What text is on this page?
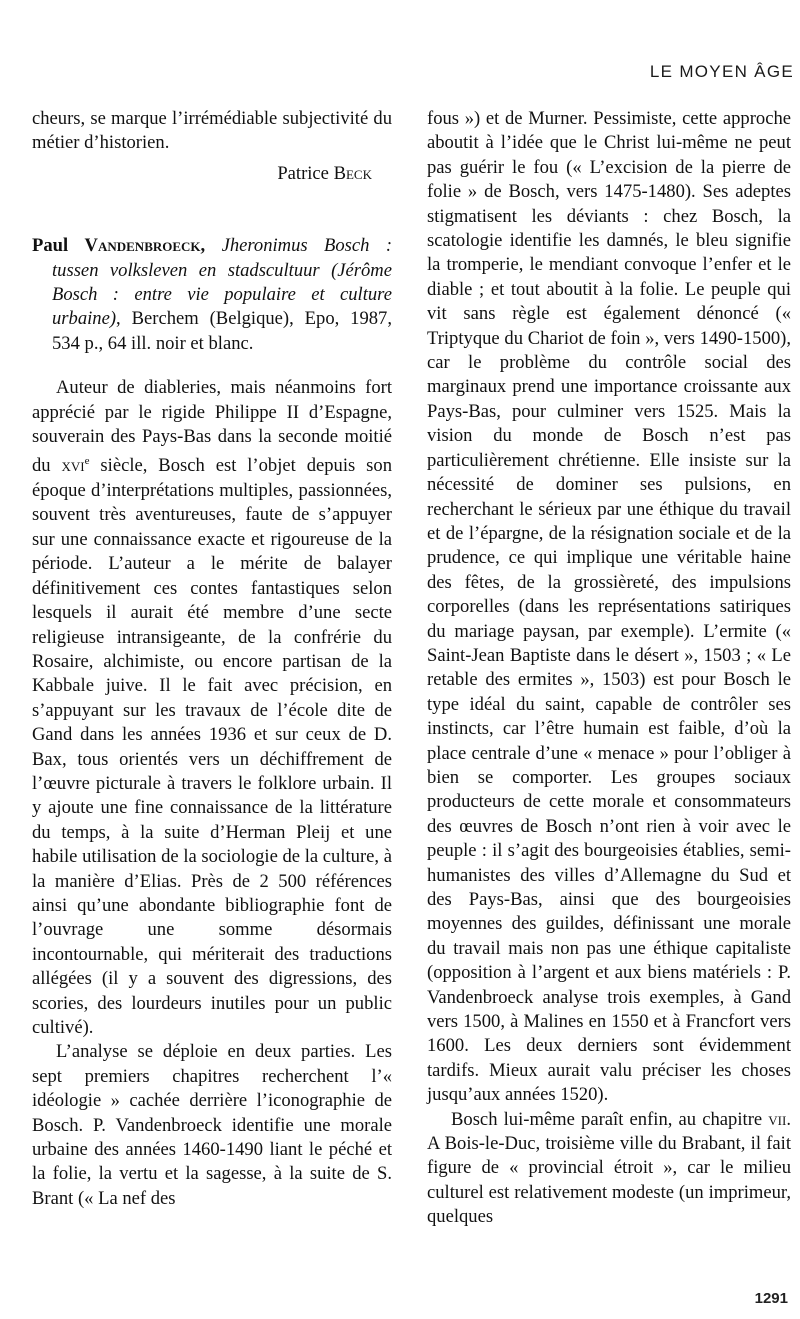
LE MOYEN ÂGE

cheurs, se marque l’irrémédiable subjectivité du métier d’historien.

Patrice Beck
Paul Vandenbroeck, Jheronimus Bosch : tussen volksleven en stadscultuur (Jérôme Bosch : entre vie populaire et culture urbaine), Berchem (Belgique), Epo, 1987, 534 p., 64 ill. noir et blanc.

Auteur de diableries, mais néanmoins fort apprécié par le rigide Philippe II d’Espagne, souverain des Pays-Bas dans la seconde moitié du xvi$^e$ siècle, Bosch est l’objet depuis son époque d’interprétations multiples, passionnées, souvent très aventureuses, faute de s’appuyer sur une connaissance exacte et rigoureuse de la période. L’auteur a le mérite de balayer définitivement ces contes fantastiques selon lesquels il aurait été membre d’une secte religieuse intransigeante, de la confrérie du Rosaire, alchimiste, ou encore partisan de la Kabbale juive. Il le fait avec précision, en s’appuyant sur les travaux de l’école dite de Gand dans les années 1936 et sur ceux de D. Bax, tous orientés vers un déchiffrement de l’œuvre picturale à travers le folklore urbain. Il y ajoute une fine connaissance de la littérature du temps, à la suite d’Herman Pleij et une habile utilisation de la sociologie de la culture, à la manière d’Elias. Près de 2 500 références ainsi qu’une abondante bibliographie font de l’ouvrage une somme désormais incontournable, qui mériterait des traductions allégées (il y a souvent des digressions, des scories, des lourdeurs inutiles pour un public cultivé).

L’analyse se déploie en deux parties. Les sept premiers chapitres recherchent l’« idéologie » cachée derrière l’iconographie de Bosch. P. Vandenbroeck identifie une morale urbaine des années 1460-1490 liant le péché et la folie, la vertu et la sagesse, à la suite de S. Brant (« La nef des

fous ») et de Murner. Pessimiste, cette approche aboutit à l’idée que le Christ lui-même ne peut pas guérir le fou (« L’excision de la pierre de folie » de Bosch, vers 1475-1480). Ses adeptes stigmatisent les déviants : chez Bosch, la scatologie identifie les damnés, le bleu signifie la tromperie, le mendiant convoque l’enfer et le diable ; et tout aboutit à la folie. Le peuple qui vit sans règle est également dénoncé (« Triptyque du Chariot de foin », vers 1490-1500), car le problème du contrôle social des marginaux prend une importance croissante aux Pays-Bas, pour culminer vers 1525. Mais la vision du monde de Bosch n’est pas particulièrement chrétienne. Elle insiste sur la nécessité de dominer ses pulsions, en recherchant le sérieux par une éthique du travail et de l’épargne, de la résignation sociale et de la prudence, ce qui implique une véritable haine des fêtes, de la grossièreté, des impulsions corporelles (dans les représentations satiriques du mariage paysan, par exemple). L’ermite (« Saint-Jean Baptiste dans le désert », 1503 ; « Le retable des ermites », 1503) est pour Bosch le type idéal du saint, capable de contrôler ses instincts, car l’être humain est faible, d’où la place centrale d’une « menace » pour l’obliger à bien se comporter. Les groupes sociaux producteurs de cette morale et consommateurs des œuvres de Bosch n’ont rien à voir avec le peuple : il s’agit des bourgeoisies établies, semi-humanistes des villes d’Allemagne du Sud et des Pays-Bas, ainsi que des bourgeoisies moyennes des guildes, définissant une morale du travail mais non pas une éthique capitaliste (opposition à l’argent et aux biens matériels : P. Vandenbroeck analyse trois exemples, à Gand vers 1500, à Malines en 1550 et à Francfort vers 1600. Les deux derniers sont évidemment tardifs. Mieux aurait valu préciser les choses jusqu’aux années 1520).

Bosch lui-même paraît enfin, au chapitre vii. A Bois-le-Duc, troisième ville du Brabant, il fait figure de « provincial étroit », car le milieu culturel est relativement modeste (un imprimeur, quelques

1291
